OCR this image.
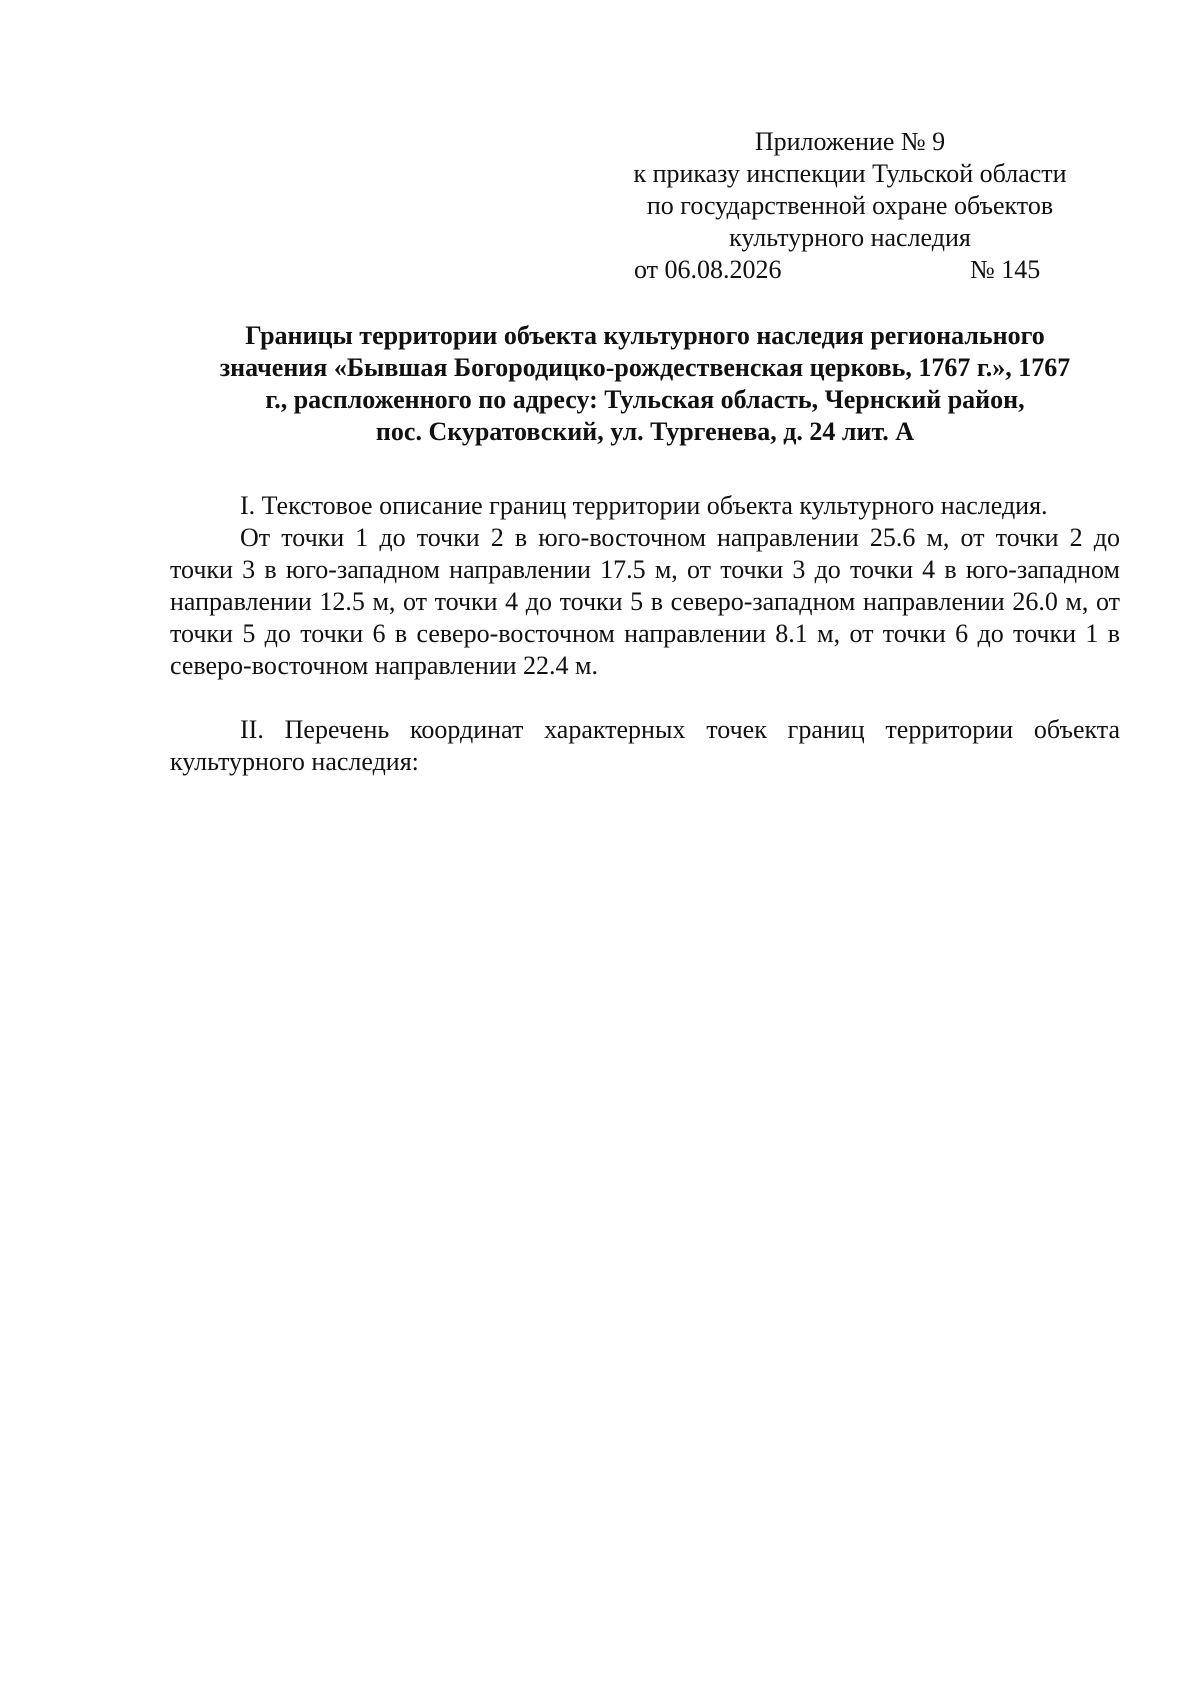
Приложение № 9
к приказу инспекции Тульской области
по государственной охране объектов
культурного наследия
от 06.08.2026	№ 145
Границы территории объекта культурного наследия регионального
значения «Бывшая Богородицко-рождественская церковь, 1767 г.», 1767
г., распложенного по адресу: Тульская область, Чернский район,
пос. Скуратовский, ул. Тургенева, д. 24 лит. А

I. Текстовое описание границ территории объекта культурного наследия.

От точки 1 до точки 2 в юго-восточном направлении 25.6 м, от точки 2 до точки 3 в юго-западном направлении 17.5 м, от точки 3 до точки 4 в юго-западном направлении 12.5 м, от точки 4 до точки 5 в северо-западном направлении 26.0 м, от точки 5 до точки 6 в северо-восточном направлении 8.1 м, от точки 6 до точки 1 в северо-восточном направлении 22.4 м.

II. Перечень координат характерных точек границ территории объекта культурного наследия:
